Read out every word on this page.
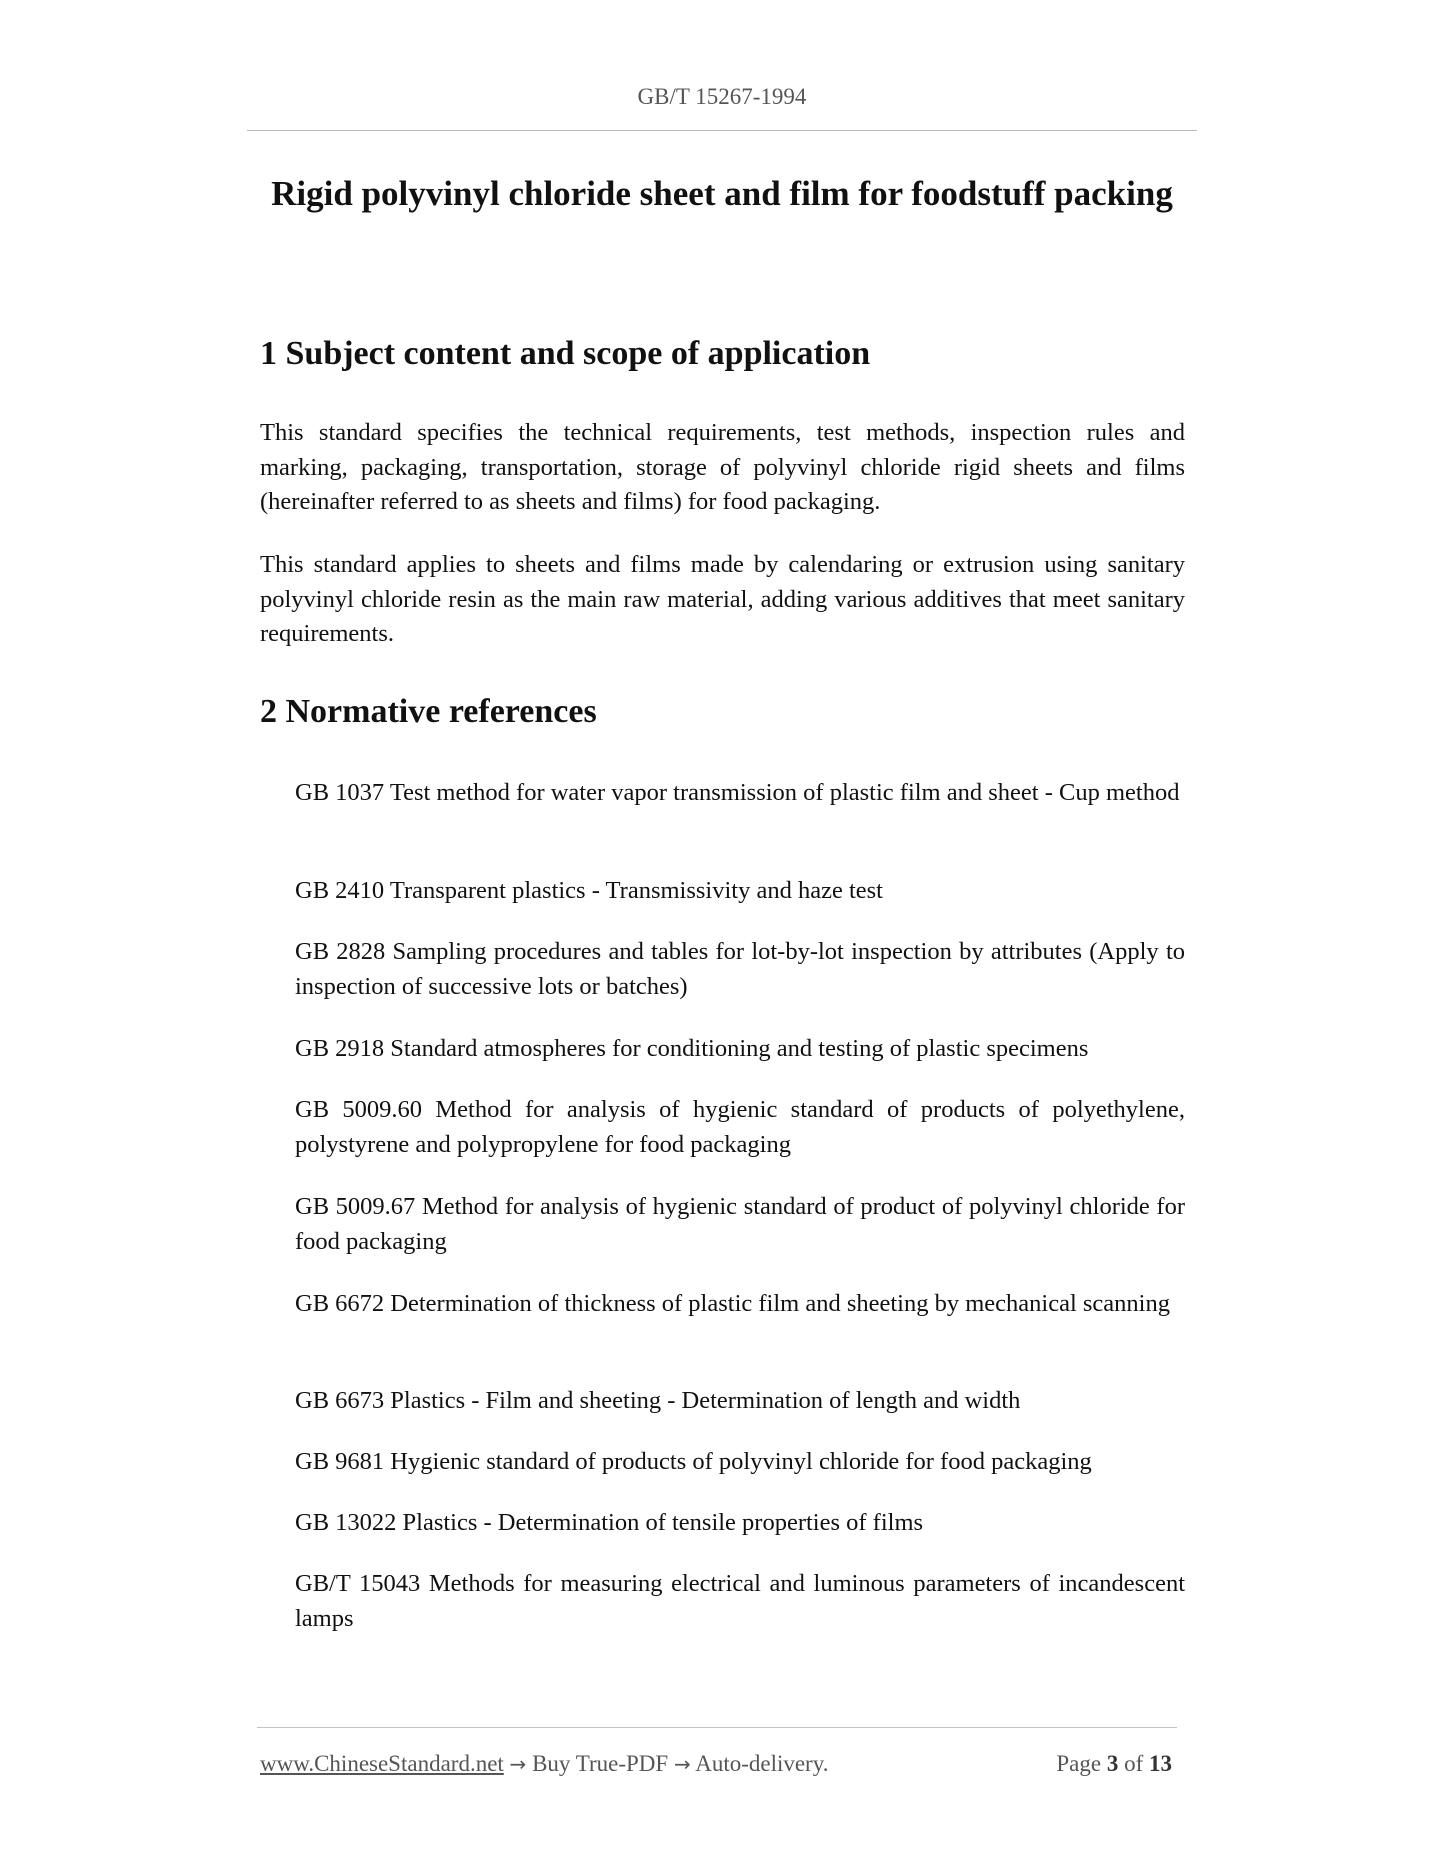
GB/T 15267-1994
Rigid polyvinyl chloride sheet and film for foodstuff packing
1 Subject content and scope of application

This standard specifies the technical requirements, test methods, inspection rules and marking, packaging, transportation, storage of polyvinyl chloride rigid sheets and films (hereinafter referred to as sheets and films) for food packaging.

This standard applies to sheets and films made by calendaring or extrusion using sanitary polyvinyl chloride resin as the main raw material, adding various additives that meet sanitary requirements.

2 Normative references

GB 1037 Test method for water vapor transmission of plastic film and sheet - Cup method

GB 2410 Transparent plastics - Transmissivity and haze test

GB 2828 Sampling procedures and tables for lot-by-lot inspection by attributes (Apply to inspection of successive lots or batches)

GB 2918 Standard atmospheres for conditioning and testing of plastic specimens

GB 5009.60 Method for analysis of hygienic standard of products of polyethylene, polystyrene and polypropylene for food packaging

GB 5009.67 Method for analysis of hygienic standard of product of polyvinyl chloride for food packaging

GB 6672 Determination of thickness of plastic film and sheeting by mechanical scanning

GB 6673 Plastics - Film and sheeting - Determination of length and width

GB 9681 Hygienic standard of products of polyvinyl chloride for food packaging

GB 13022 Plastics - Determination of tensile properties of films

GB/T 15043 Methods for measuring electrical and luminous parameters of incandescent lamps

www.ChineseStandard.net → Buy True-PDF → Auto-delivery.	Page 3 of 13
